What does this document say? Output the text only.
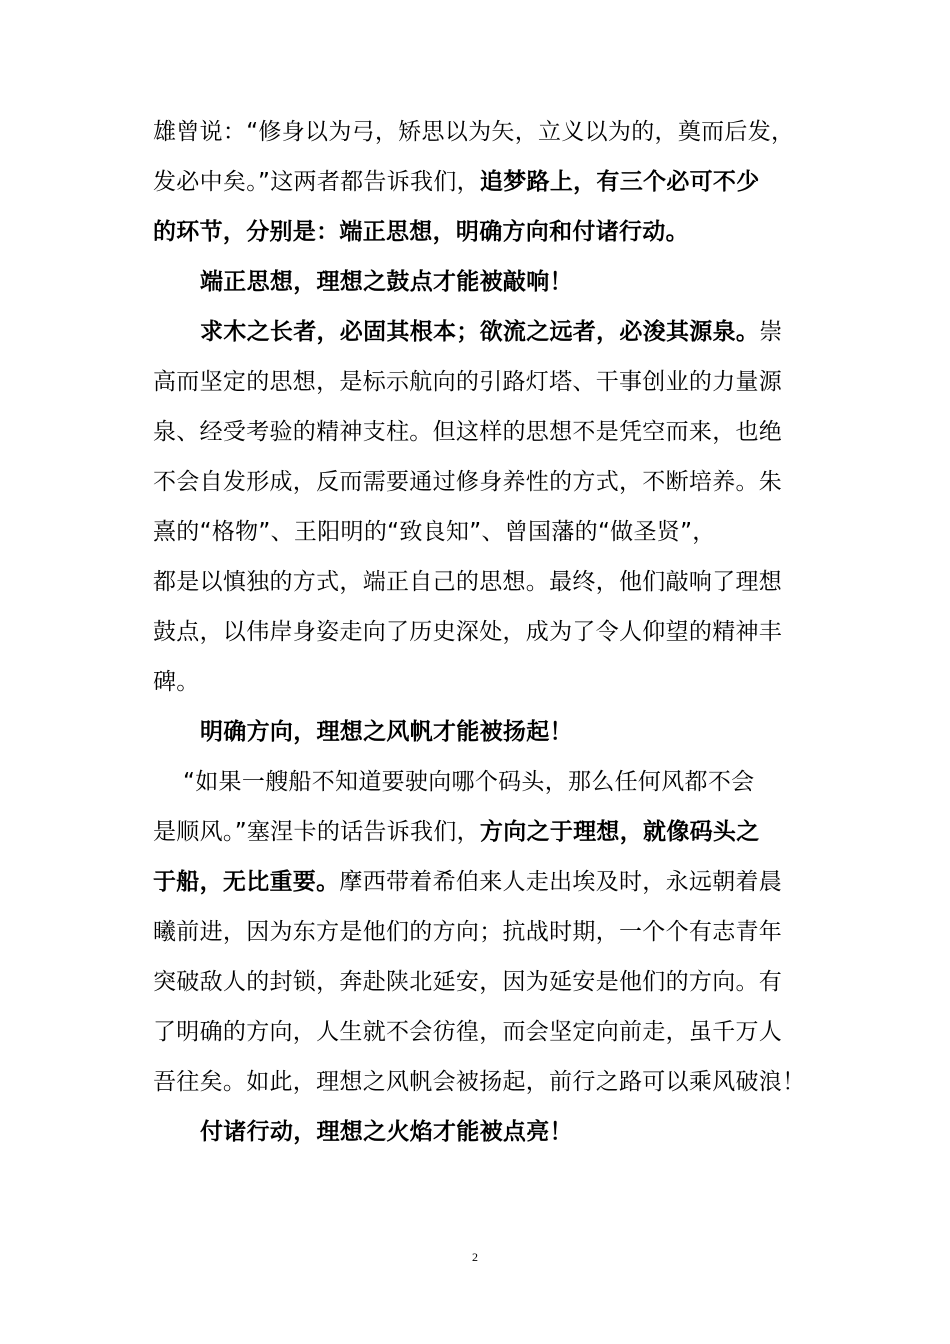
雄曾说：“修身以为弓，矫思以为矢，立义以为的，奠而后发，
发必中矣。”这两者都告诉我们，追梦路上，有三个必可不少
的环节，分别是：端正思想，明确方向和付诸行动。
端正思想，理想之鼓点才能被敲响！
求木之长者，必固其根本；欲流之远者，必浚其源泉。崇
高而坚定的思想，是标示航向的引路灯塔、干事创业的力量源
泉、经受考验的精神支柱。但这样的思想不是凭空而来，也绝
不会自发形成，反而需要通过修身养性的方式，不断培养。朱
熹的“格物”、王阳明的“致良知”、曾国藩的“做圣贤”，
都是以慎独的方式，端正自己的思想。最终，他们敲响了理想
鼓点，以伟岸身姿走向了历史深处，成为了令人仰望的精神丰
碑。
明确方向，理想之风帆才能被扬起！
“如果一艘船不知道要驶向哪个码头，那么任何风都不会
是顺风。”塞涅卡的话告诉我们，方向之于理想，就像码头之
于船，无比重要。摩西带着希伯来人走出埃及时，永远朝着晨
曦前进，因为东方是他们的方向；抗战时期，一个个有志青年
突破敌人的封锁，奔赴陕北延安，因为延安是他们的方向。有
了明确的方向，人生就不会彷徨，而会坚定向前走，虽千万人
吾往矣。如此，理想之风帆会被扬起，前行之路可以乘风破浪！
付诸行动，理想之火焰才能被点亮！
2
